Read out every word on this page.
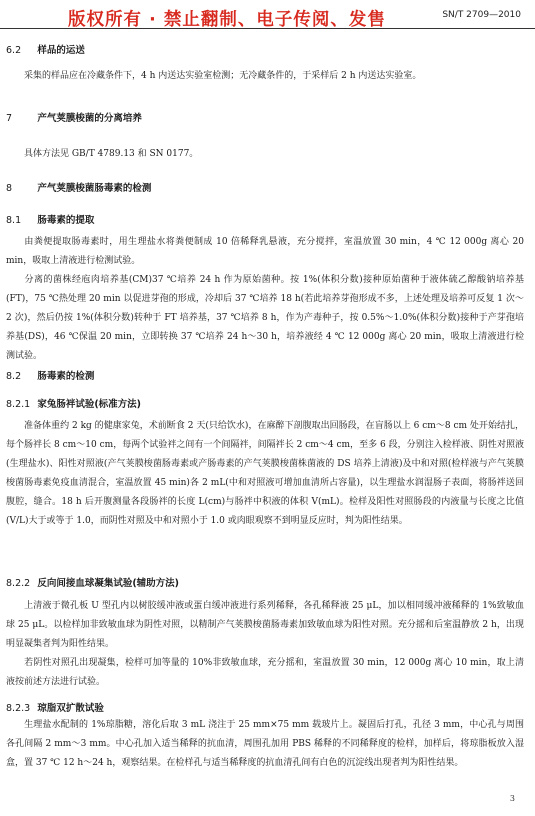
版权所有 · 禁止翻制、电子传阅、发售	SN/T 2709—2010
6.2 样品的运送
采集的样品应在冷藏条件下，4 h 内送达实验室检测；无冷藏条件的，于采样后 2 h 内送达实验室。
7	产气荚膜梭菌的分离培养
具体方法见 GB/T 4789.13 和 SN 0177。
8	产气荚膜梭菌肠毒素的检测
8.1 肠毒素的提取
由粪便提取肠毒素时，用生理盐水将粪便制成 10 倍稀释乳悬液，充分搅拌，室温放置 30 min，4 ℃ 12 000g 离心 20 min，吸取上清液进行检测试验。
分离的菌株经庖肉培养基(CM)37 ℃培养 24 h 作为原始菌种。按 1%(体积分数)接种原始菌种于液体硫乙醇酸钠培养基(FT)，75 ℃热处理 20 min 以促进芽孢的形成，冷却后 37 ℃培养 18 h(若此培养芽孢形成不多，上述处理及培养可反复 1 次～2 次)，然后仍按 1%(体积分数)转种于 FT 培养基，37 ℃培养 8 h，作为产毒种子，按 0.5%～1.0%(体积分数)接种于产芽孢培养基(DS)，46 ℃保温 20 min，立即转换 37 ℃培养 24 h～30 h，培养液经 4 ℃ 12 000g 离心 20 min，吸取上清液进行检测试验。
8.2 肠毒素的检测
8.2.1 家兔肠袢试验(标准方法)
准备体重约 2 kg 的健康家兔，术前断食 2 天(只给饮水)，在麻醉下剖腹取出回肠段，在盲肠以上 6 cm～8 cm 处开始结扎，每个肠袢长 8 cm～10 cm，每两个试验袢之间有一个间隔袢，间隔袢长 2 cm～4 cm，至多 6 段，分别注入检样液、阴性对照液(生理盐水)、阳性对照液(产气荚膜梭菌肠毒素或产肠毒素的产气荚膜梭菌株菌液的 DS 培养上清液)及中和对照(检样液与产气荚膜梭菌肠毒素免疫血清混合，室温放置 45 min)各 2 mL(中和对照液可增加血清所占容量)，以生理盐水润湿肠子表面，将肠袢送回腹腔，缝合。18 h 后开腹测量各段肠袢的长度 L(cm)与肠袢中积液的体积 V(mL)。检样及阳性对照肠段的内液量与长度之比值(V/L)大于或等于 1.0，而阴性对照及中和对照小于 1.0 或肉眼观察不到明显反应时，判为阳性结果。
8.2.2 反向间接血球凝集试验(辅助方法)
上清液于微孔板 U 型孔内以树胶缓冲液或蛋白缓冲液进行系列稀释，各孔稀释液 25 μL，加以相同缓冲液稀释的 1%致敏血球 25 μL。以检样加非致敏血球为阴性对照，以精制产气荚膜梭菌肠毒素加致敏血球为阳性对照。充分摇和后室温静放 2 h，出现明显凝集者判为阳性结果。
若阴性对照孔出现凝集，检样可加等量的 10%非致敏血球，充分摇和，室温放置 30 min，12 000g 离心 10 min，取上清液按前述方法进行试验。
8.2.3 琼脂双扩散试验
生理盐水配制的 1%琼脂糖，溶化后取 3 mL 浇注于 25 mm×75 mm 载玻片上。凝固后打孔，孔径 3 mm，中心孔与周围各孔间隔 2 mm～3 mm。中心孔加入适当稀释的抗血清，周围孔加用 PBS 稀释的不同稀释度的检样，加样后，将琼脂板放入湿盒，置 37 ℃ 12 h～24 h，观察结果。在检样孔与适当稀释度的抗血清孔间有白色的沉淀线出现者判为阳性结果。
3
